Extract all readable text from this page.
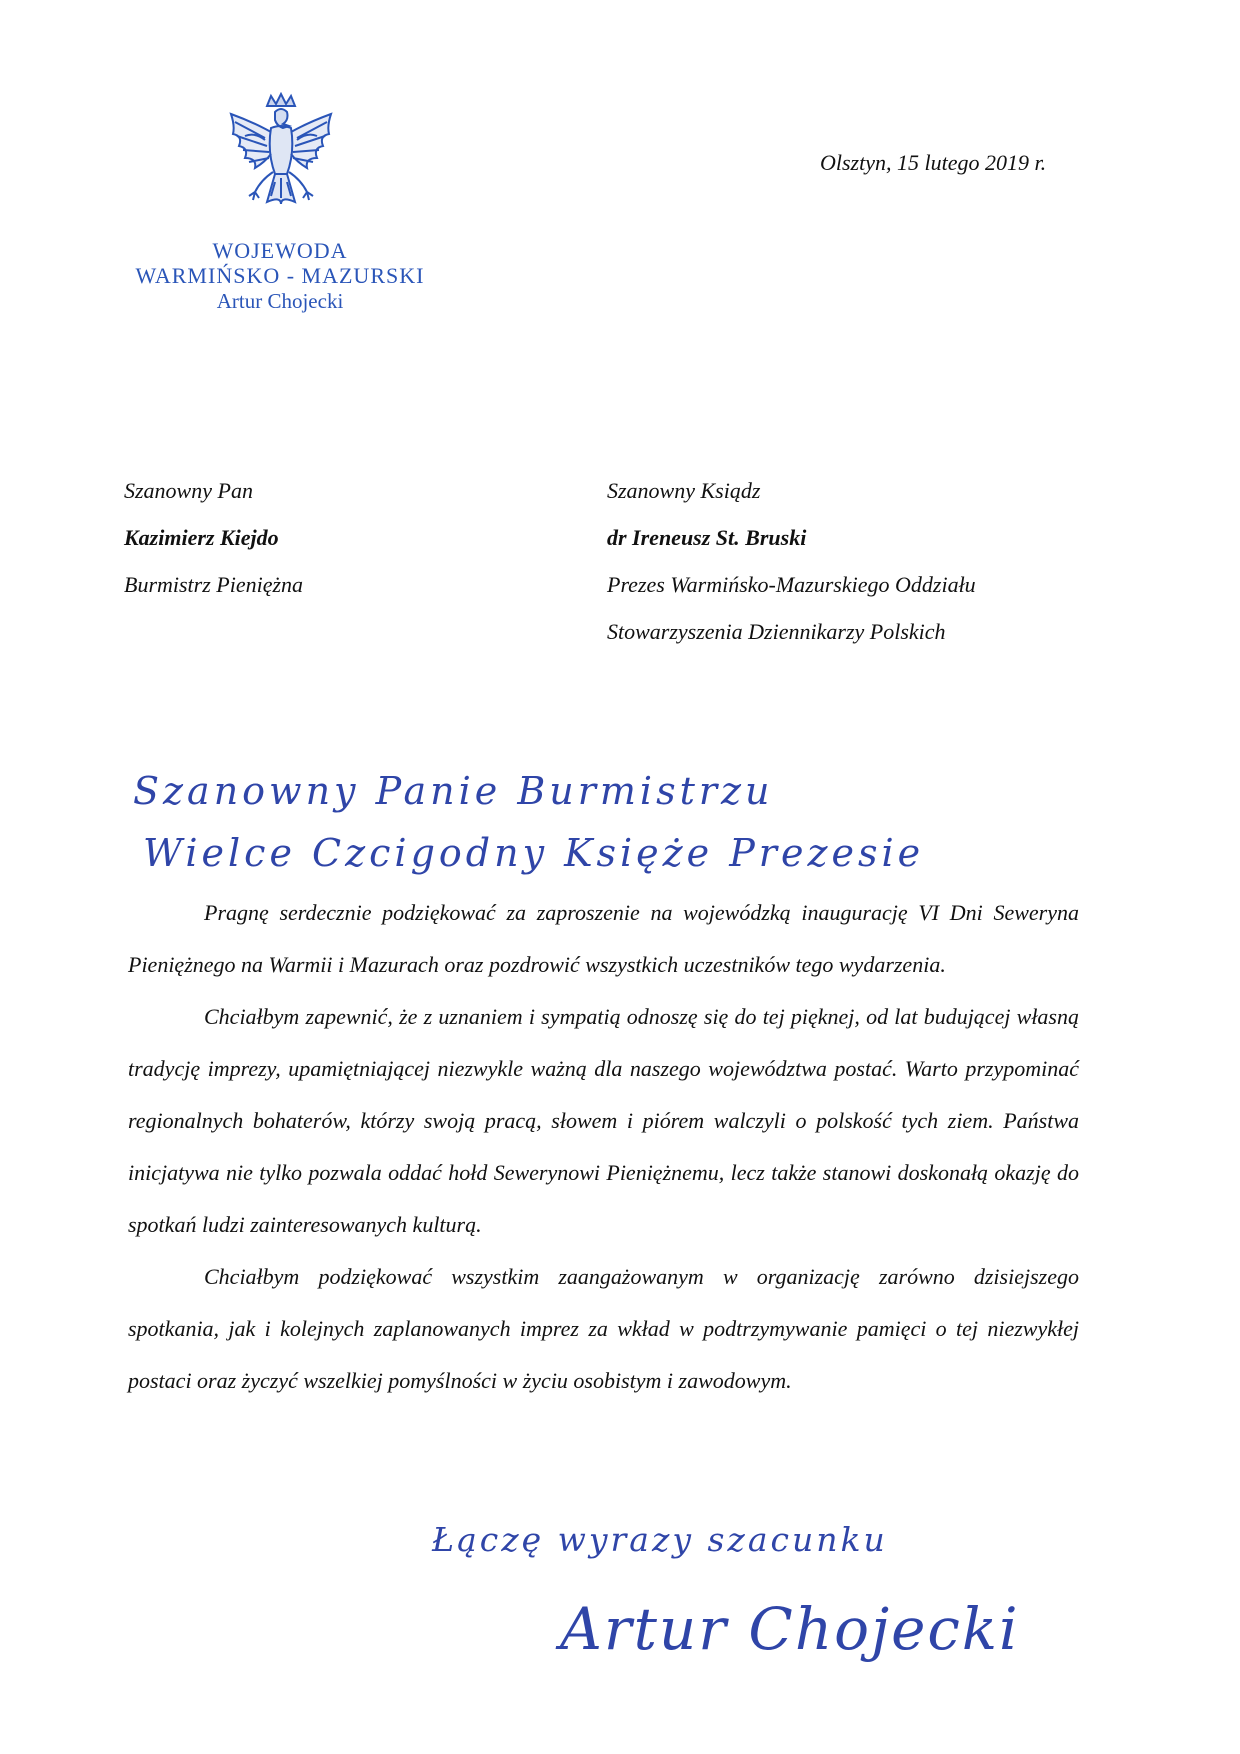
WOJEWODA
WARMIŃSKO - MAZURSKI
Artur Chojecki
Olsztyn, 15 lutego 2019 r.
Szanowny Pan
Kazimierz Kiejdo
Burmistrz Pieniężna
Szanowny Ksiądz
dr Ireneusz St. Bruski
Prezes Warmińsko-Mazurskiego Oddziału
Stowarzyszenia Dziennikarzy Polskich
Szanowny Panie Burmistrzu
Wielce Czcigodny Księże Prezesie

Pragnę serdecznie podziękować za zaproszenie na wojewódzką inaugurację VI Dni Seweryna Pieniężnego na Warmii i Mazurach oraz pozdrowić wszystkich uczestników tego wydarzenia.

Chciałbym zapewnić, że z uznaniem i sympatią odnoszę się do tej pięknej, od lat budującej własną tradycję imprezy, upamiętniającej niezwykle ważną dla naszego województwa postać. Warto przypominać regionalnych bohaterów, którzy swoją pracą, słowem i piórem walczyli o polskość tych ziem. Państwa inicjatywa nie tylko pozwala oddać hołd Sewerynowi Pieniężnemu, lecz także stanowi doskonałą okazję do spotkań ludzi zainteresowanych kulturą.

Chciałbym podziękować wszystkim zaangażowanym w organizację zarówno dzisiejszego spotkania, jak i kolejnych zaplanowanych imprez za wkład w podtrzymywanie pamięci o tej niezwykłej postaci oraz życzyć wszelkiej pomyślności w życiu osobistym i zawodowym.

Łączę wyrazy szacunku
Artur Chojecki
